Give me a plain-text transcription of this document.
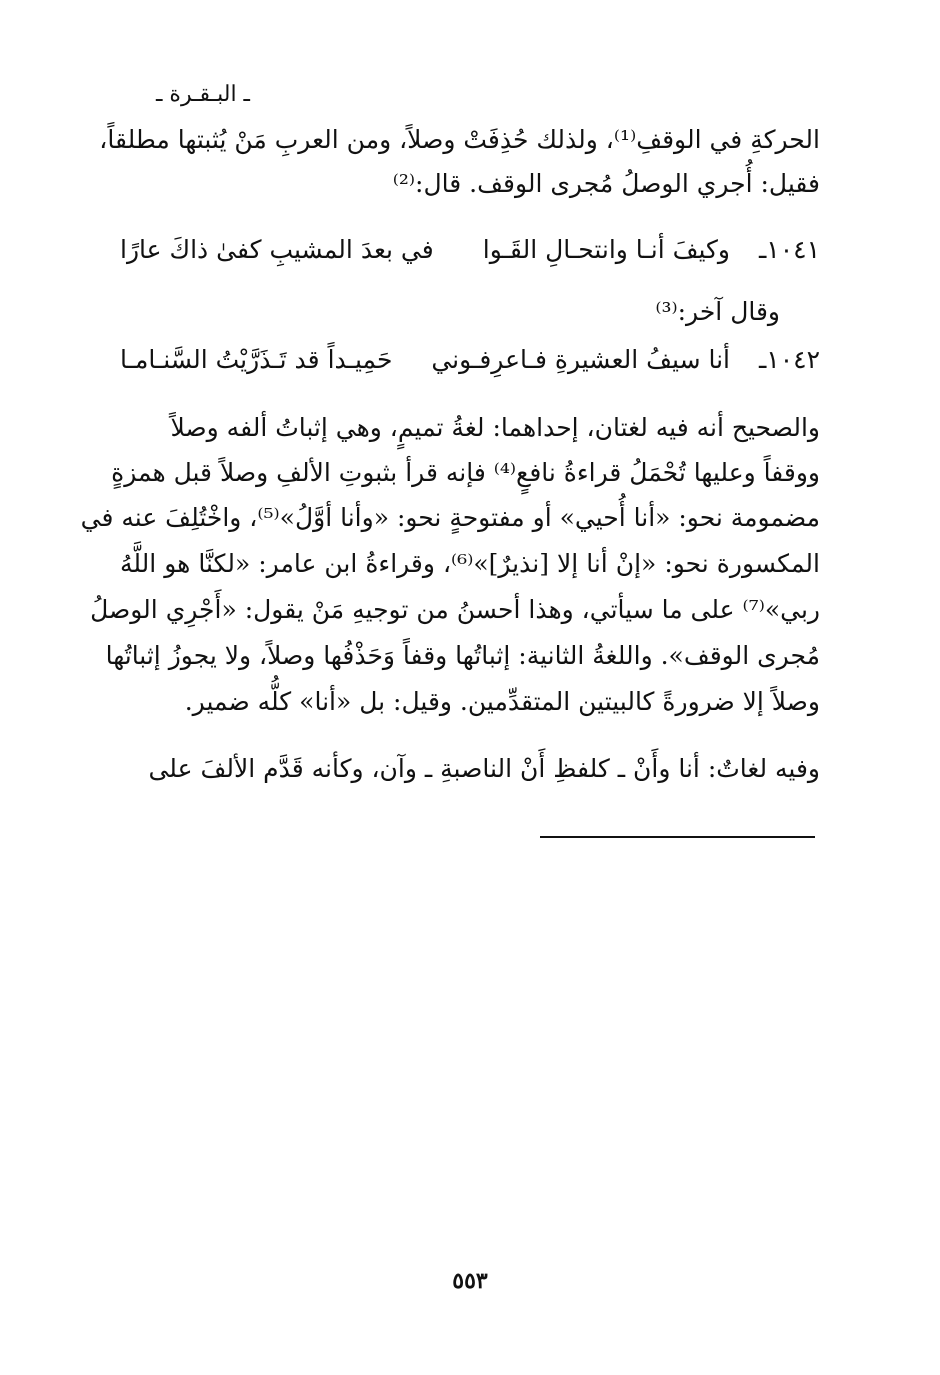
ـ البـقـرة ـ
الحركةِ في الوقفِ⁽¹⁾، ولذلك حُذِفَتْ وصلاً، ومن العربِ مَنْ يُثبتها مطلقاً،
فقيل: أُجري الوصلُ مُجرى الوقف. قال:⁽²⁾
١٠٤١ـ
وكيفَ أنـا وانتحـالِ القَـوا
في بعدَ المشيبِ كفىٰ ذاكَ عارًا
وقال آخر:⁽³⁾
١٠٤٢ـ
أنا سيفُ العشيرةِ فـاعرِفـوني
حَمِيـداً قد تَـذَرَّيْتُ السَّنـامـا
والصحيح أنه فيه لغتان، إحداهما: لغةُ تميمٍ، وهي إثباتُ ألفه وصلاً
ووقفاً وعليها تُحْمَلُ قراءةُ نافعٍ⁽⁴⁾ فإنه قرأ بثبوتِ الألفِ وصلاً قبل همزةٍ
مضمومة نحو: «أنا أُحيي» أو مفتوحةٍ نحو: «وأنا أوَّلُ»⁽⁵⁾، واخْتُلِفَ عنه في
المكسورة نحو: «إنْ أنا إلا [نذيرٌ]»⁽⁶⁾، وقراءةُ ابن عامر: «لكنَّا هو اللَّهُ
ربي»⁽⁷⁾ على ما سيأتي، وهذا أحسنُ من توجيهِ مَنْ يقول: «أَجْرِي الوصلُ
مُجرى الوقف». واللغةُ الثانية: إثباتُها وقفاً وَحَذْفُها وصلاً، ولا يجوزُ إثباتُها
وصلاً إلا ضرورةً كالبيتين المتقدِّمين. وقيل: بل «أنا» كلُّه ضمير.
وفيه لغاتٌ: أنا وأَنْ ـ كلفظِ أَنْ الناصبةِ ـ وآن، وكأنه قَدَّم الألفَ على
٥٥٣
